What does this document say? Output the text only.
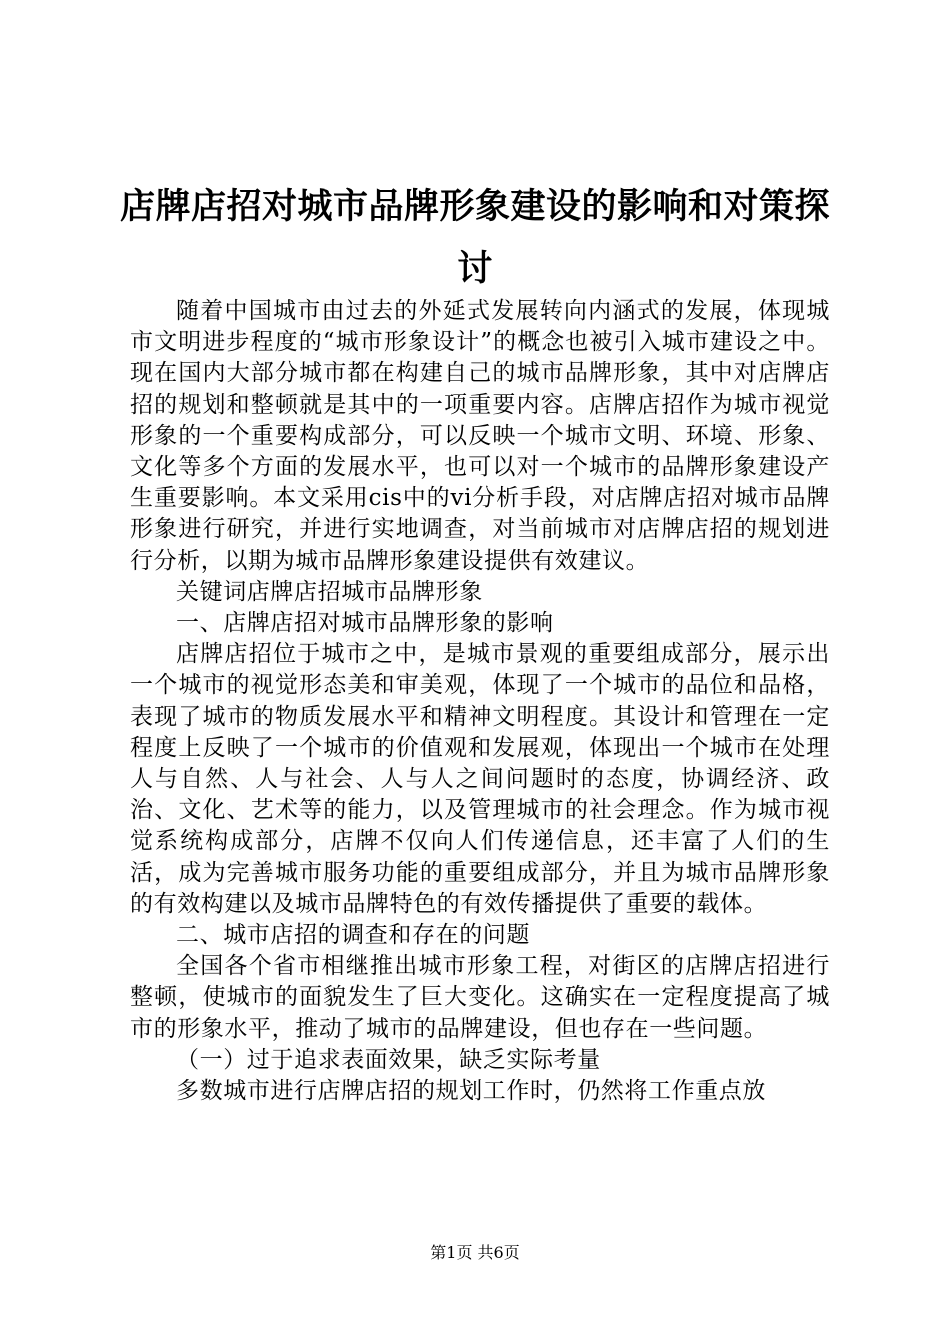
店牌店招对城市品牌形象建设的影响和对策探讨

随着中国城市由过去的外延式发展转向内涵式的发展，体现城市文明进步程度的“城市形象设计”的概念也被引入城市建设之中。现在国内大部分城市都在构建自己的城市品牌形象，其中对店牌店招的规划和整顿就是其中的一项重要内容。店牌店招作为城市视觉形象的一个重要构成部分，可以反映一个城市文明、环境、形象、文化等多个方面的发展水平，也可以对一个城市的品牌形象建设产生重要影响。本文采用cis中的vi分析手段，对店牌店招对城市品牌形象进行研究，并进行实地调查，对当前城市对店牌店招的规划进行分析，以期为城市品牌形象建设提供有效建议。

关键词店牌店招城市品牌形象

一、店牌店招对城市品牌形象的影响

店牌店招位于城市之中，是城市景观的重要组成部分，展示出一个城市的视觉形态美和审美观，体现了一个城市的品位和品格，表现了城市的物质发展水平和精神文明程度。其设计和管理在一定程度上反映了一个城市的价值观和发展观，体现出一个城市在处理人与自然、人与社会、人与人之间问题时的态度，协调经济、政治、文化、艺术等的能力，以及管理城市的社会理念。作为城市视觉系统构成部分，店牌不仅向人们传递信息，还丰富了人们的生活，成为完善城市服务功能的重要组成部分，并且为城市品牌形象的有效构建以及城市品牌特色的有效传播提供了重要的载体。

二、城市店招的调查和存在的问题

全国各个省市相继推出城市形象工程，对街区的店牌店招进行整顿，使城市的面貌发生了巨大变化。这确实在一定程度提高了城市的形象水平，推动了城市的品牌建设，但也存在一些问题。

（一）过于追求表面效果，缺乏实际考量

多数城市进行店牌店招的规划工作时，仍然将工作重点放

第1页 共6页
